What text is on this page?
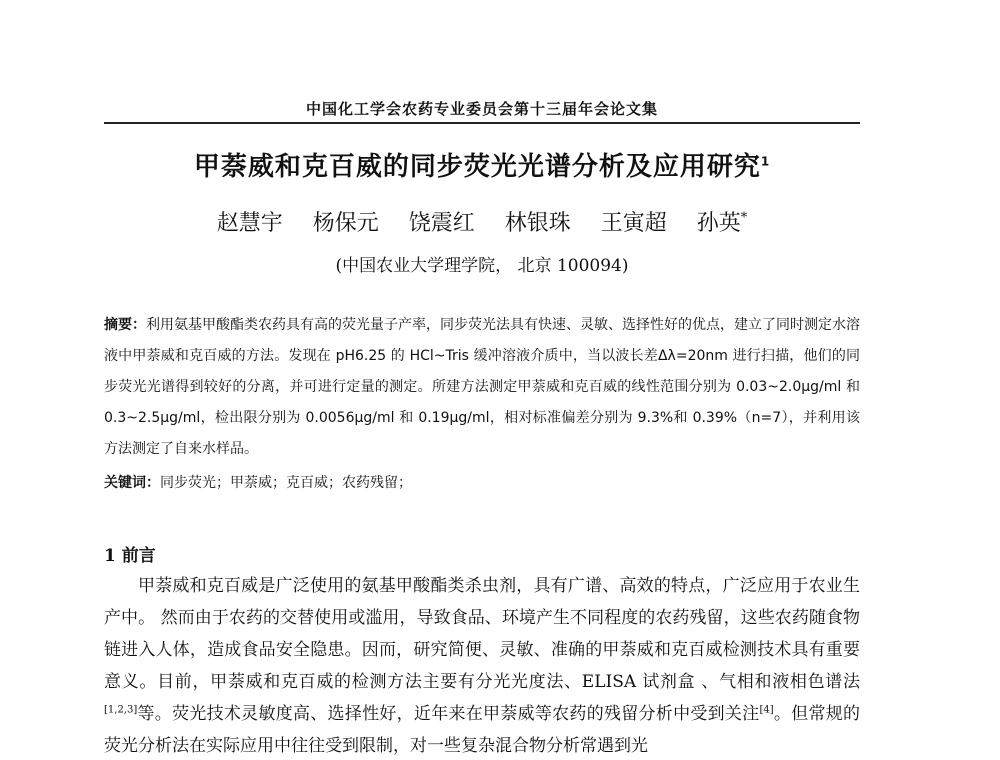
中国化工学会农药专业委员会第十三届年会论文集
甲萘威和克百威的同步荧光光谱分析及应用研究$^1$
赵慧宇 杨保元 饶震红 林银珠 王寅超 孙英*
(中国农业大学理学院， 北京 100094)
摘要：利用氨基甲酸酯类农药具有高的荧光量子产率，同步荧光法具有快速、灵敏、选择性好的优点，建立了同时测定水溶液中甲萘威和克百威的方法。发现在 pH6.25 的 HCl~Tris 缓冲溶液介质中，当以波长差Δλ=20nm 进行扫描，他们的同步荧光光谱得到较好的分离，并可进行定量的测定。所建方法测定甲萘威和克百威的线性范围分别为 0.03~2.0μg/ml 和 0.3~2.5μg/ml，检出限分别为 0.0056μg/ml 和 0.19μg/ml，相对标准偏差分别为 9.3%和 0.39%（n=7），并利用该方法测定了自来水样品。
关键词：同步荧光；甲萘威；克百威；农药残留；
1 前言
甲萘威和克百威是广泛使用的氨基甲酸酯类杀虫剂，具有广谱、高效的特点，广泛应用于农业生产中。 然而由于农药的交替使用或滥用，导致食品、环境产生不同程度的农药残留，这些农药随食物链进入人体，造成食品安全隐患。因而，研究简便、灵敏、准确的甲萘威和克百威检测技术具有重要意义。目前，甲萘威和克百威的检测方法主要有分光光度法、ELISA 试剂盒 、气相和液相色谱法[1,2,3]等。荧光技术灵敏度高、选择性好，近年来在甲萘威等农药的残留分析中受到关注[4]。但常规的荧光分析法在实际应用中往往受到限制，对一些复杂混合物分析常遇到光
